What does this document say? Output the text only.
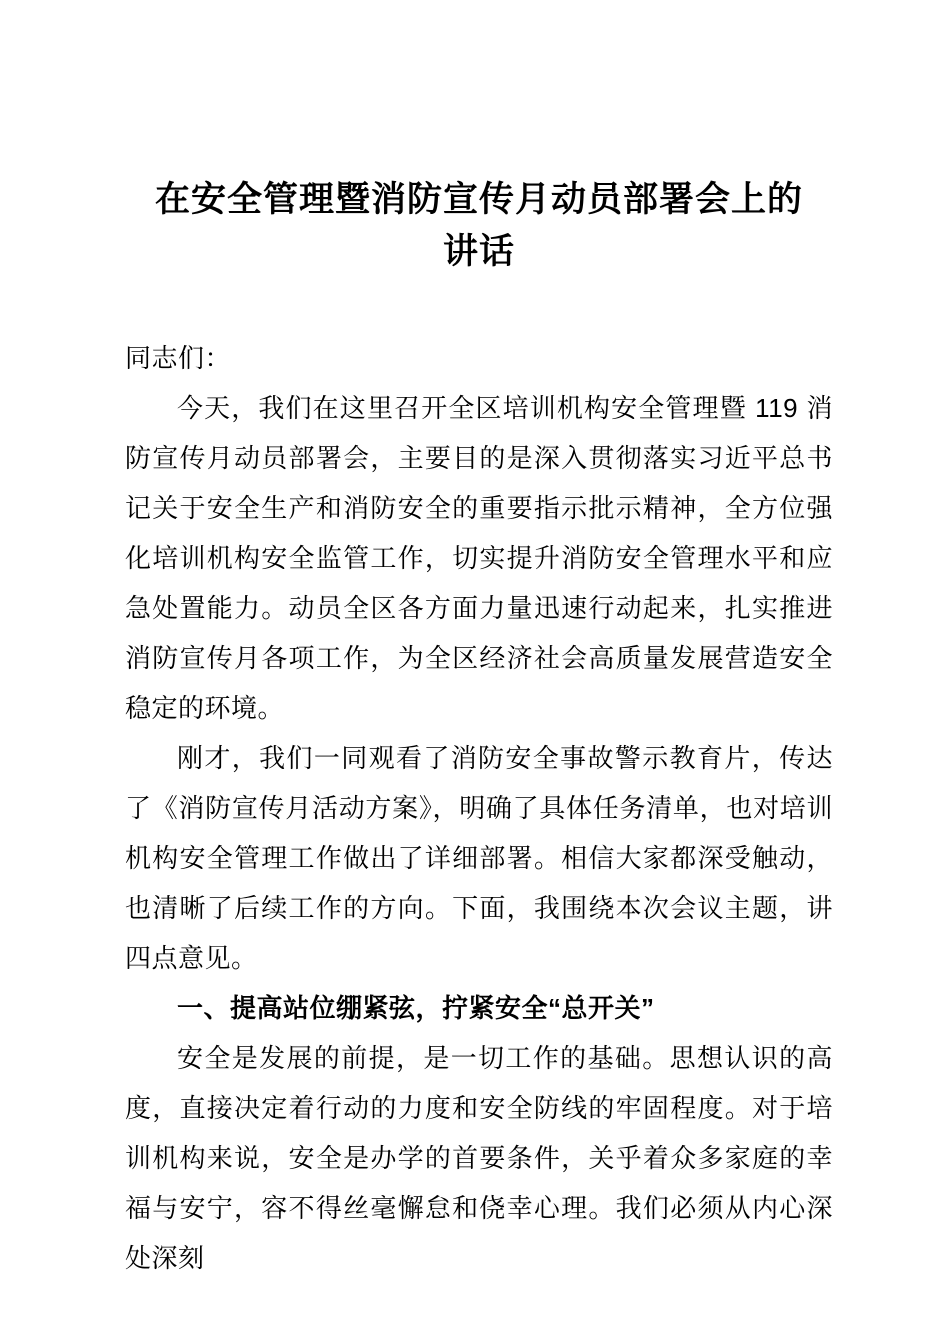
在安全管理暨消防宣传月动员部署会上的
讲话

同志们：

今天，我们在这里召开全区培训机构安全管理暨 119 消防宣传月动员部署会，主要目的是深入贯彻落实习近平总书记关于安全生产和消防安全的重要指示批示精神，全方位强化培训机构安全监管工作，切实提升消防安全管理水平和应急处置能力。动员全区各方面力量迅速行动起来，扎实推进消防宣传月各项工作，为全区经济社会高质量发展营造安全稳定的环境。

刚才，我们一同观看了消防安全事故警示教育片，传达了《消防宣传月活动方案》，明确了具体任务清单，也对培训机构安全管理工作做出了详细部署。相信大家都深受触动，也清晰了后续工作的方向。下面，我围绕本次会议主题，讲四点意见。

一、提高站位绷紧弦，拧紧安全“总开关”

安全是发展的前提，是一切工作的基础。思想认识的高度，直接决定着行动的力度和安全防线的牢固程度。对于培训机构来说，安全是办学的首要条件，关乎着众多家庭的幸福与安宁，容不得丝毫懈怠和侥幸心理。我们必须从内心深处深刻
